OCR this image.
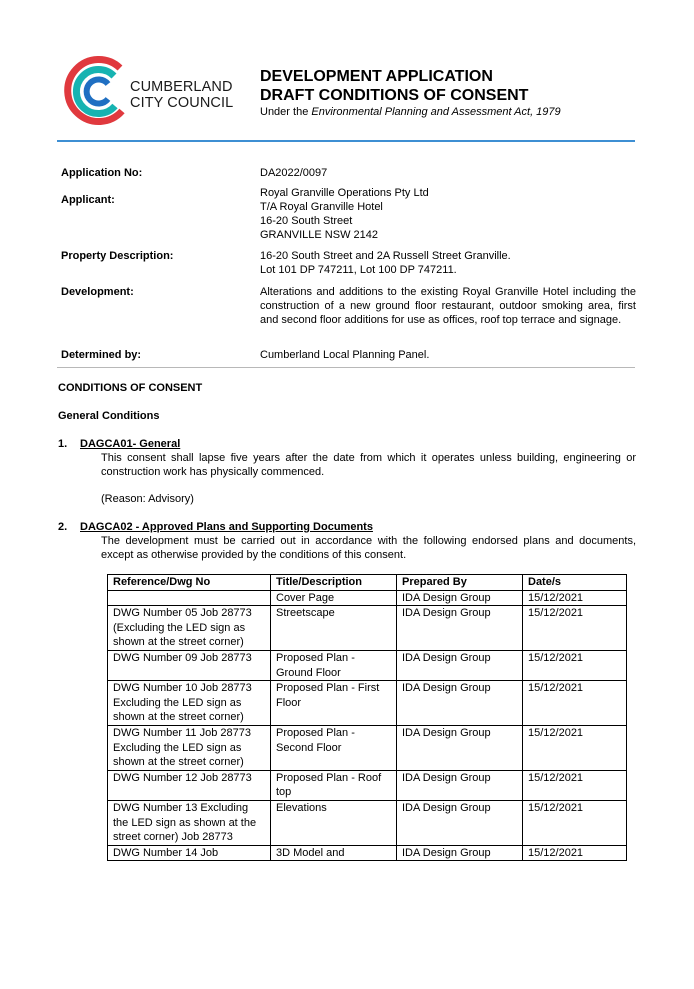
CUMBERLAND
CITY COUNCIL
DEVELOPMENT APPLICATION
DRAFT CONDITIONS OF CONSENT
Under the Environmental Planning and Assessment Act, 1979
Application No:	DA2022/0097
Applicant:
Royal Granville Operations Pty Ltd
T/A Royal Granville Hotel
16-20 South Street
GRANVILLE NSW 2142
Property Description:	16-20 South Street and 2A Russell Street Granville.
Lot 101 DP 747211, Lot 100 DP 747211.
Development:	Alterations and additions to the existing Royal Granville Hotel including the construction of a new ground floor restaurant, outdoor smoking area, first and second floor additions for use as offices, roof top terrace and signage.
Determined by:	Cumberland Local Planning Panel.
CONDITIONS OF CONSENT
General Conditions
1. DAGCA01- General
This consent shall lapse five years after the date from which it operates unless building, engineering or construction work has physically commenced.
(Reason: Advisory)
2. DAGCA02 - Approved Plans and Supporting Documents
The development must be carried out in accordance with the following endorsed plans and documents, except as otherwise provided by the conditions of this consent.
Reference/Dwg No	Title/Description	Prepared By	Date/s
	Cover Page	IDA Design Group	15/12/2021
DWG Number 05 Job 28773 (Excluding the LED sign as shown at the street corner)	Streetscape	IDA Design Group	15/12/2021
DWG Number 09 Job 28773	Proposed Plan - Ground Floor	IDA Design Group	15/12/2021
DWG Number 10 Job 28773 Excluding the LED sign as shown at the street corner)	Proposed Plan - First Floor	IDA Design Group	15/12/2021
DWG Number 11 Job 28773 Excluding the LED sign as shown at the street corner)	Proposed Plan - Second Floor	IDA Design Group	15/12/2021
DWG Number 12 Job 28773	Proposed Plan - Roof top	IDA Design Group	15/12/2021
DWG Number 13 Excluding the LED sign as shown at the street corner) Job 28773	Elevations	IDA Design Group	15/12/2021
DWG Number 14 Job	3D Model and	IDA Design Group	15/12/2021
